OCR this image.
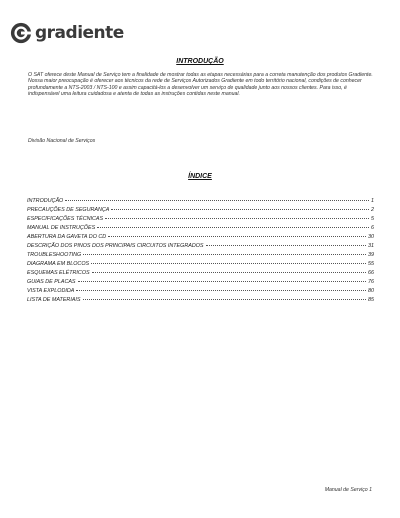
gradiente
INTRODUÇÃO

O SAT oferece deste Manual de Serviço tem a finalidade de mostrar todas as etapas necessárias para a correta manutenção dos produtos Gradiente.

Nossa maior preocupação é oferecer aos técnicos da rede de Serviços Autorizados Gradiente em todo território nacional, condições de conhecer profundamente a NTS-2003 / NTS-100 e assim capacitá-los a desenvolver um serviço de qualidade junto aos nossos clientes. Para isso, é indispensável uma leitura cuidadosa e atenta de todas as instruções contidas neste manual.

Divisão Nacional de Serviços
ÍNDICE
INTRODUÇÃO	1
PRECAUÇÕES DE SEGURANÇA	2
ESPECIFICAÇÕES TÉCNICAS	5
MANUAL DE INSTRUÇÕES	6
ABERTURA DA GAVETA DO CD	30
DESCRIÇÃO DOS PINOS DOS PRINCIPAIS CIRCUITOS INTEGRADOS	31
TROUBLESHOOTING	39
DIAGRAMA EM BLOCOS	55
ESQUEMAS ELÉTRICOS	66
GUIAS DE PLACAS	76
VISTA EXPLODIDA	80
LISTA DE MATERIAIS	85
Manual de Serviço 1
